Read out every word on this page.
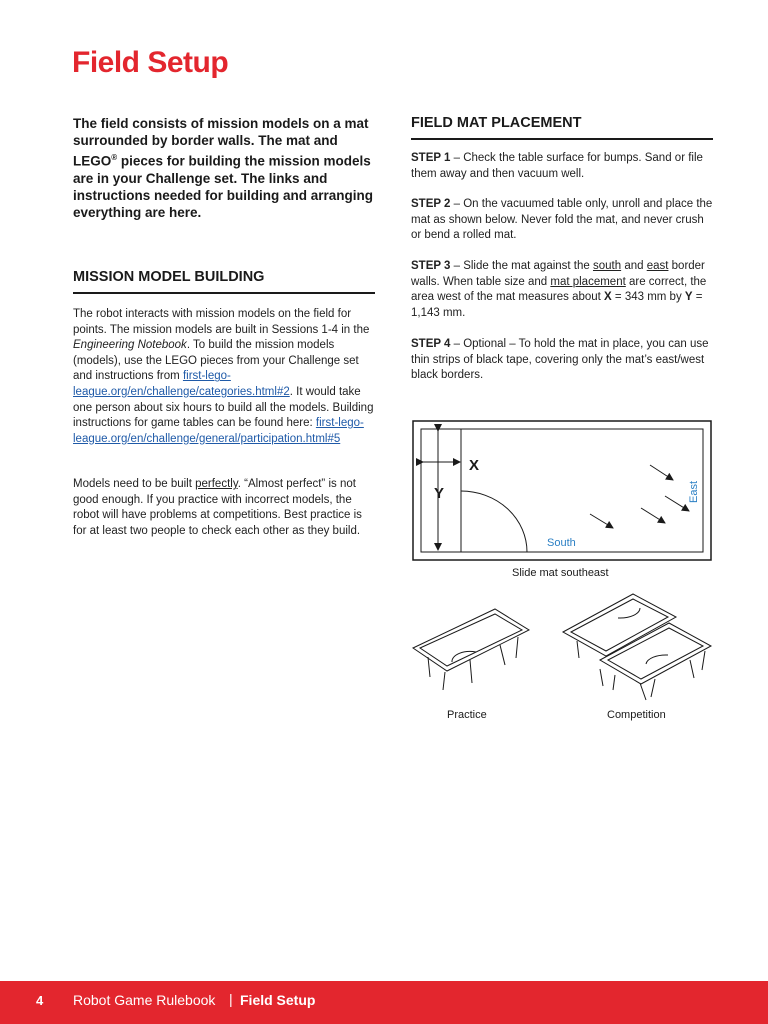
Field Setup
The field consists of mission models on a mat surrounded by border walls. The mat and LEGO® pieces for building the mission models are in your Challenge set. The links and instructions needed for building and arranging everything are here.
MISSION MODEL BUILDING
The robot interacts with mission models on the field for points. The mission models are built in Sessions 1-4 in the Engineering Notebook. To build the mission models (models), use the LEGO pieces from your Challenge set and instructions from first-lego-league.org/en/challenge/categories.html#2. It would take one person about six hours to build all the models. Building instructions for game tables can be found here: first-lego-league.org/en/challenge/general/participation.html#5
Models need to be built perfectly. “Almost perfect” is not good enough. If you practice with incorrect models, the robot will have problems at competitions. Best practice is for at least two people to check each other as they build.
FIELD MAT PLACEMENT
STEP 1 – Check the table surface for bumps. Sand or file them away and then vacuum well.
STEP 2 – On the vacuumed table only, unroll and place the mat as shown below. Never fold the mat, and never crush or bend a rolled mat.
STEP 3 – Slide the mat against the south and east border walls. When table size and mat placement are correct, the area west of the mat measures about X = 343 mm by Y = 1,143 mm.
STEP 4 – Optional – To hold the mat in place, you can use thin strips of black tape, covering only the mat’s east/west black borders.
X
Y
South
East
Slide mat southeast
Practice	Competition
4 Robot Game Rulebook | Field Setup
